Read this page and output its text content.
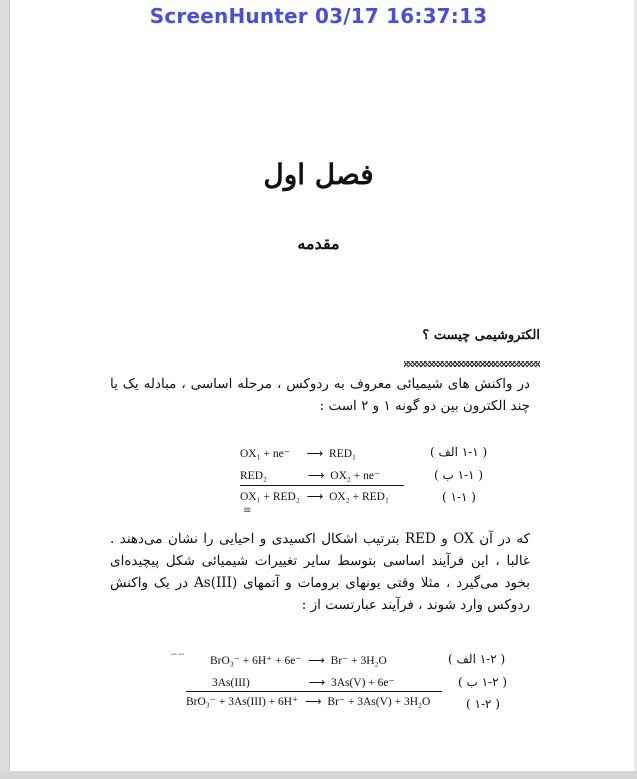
ScreenHunter 03/17 16:37:13
فصل اول
مقدمه
الکتروشیمی چیست ؟
در واکنش های شیمیائی معروف به ردوکس ، مرحله اساسی ، مبادله یک یا چند الکترون بین دو گونه ۱ و ۲ است :
OX₁ + ne⁻ ⟶ RED₁	( ۱-۱ الف )
RED₂	⟶ OX₂ + ne⁻	( ۱-۱ ب )
OX₁ + RED₂ ⟶ OX₂ + RED₁	( ۱-۱ )
≡
که در آن OX و RED بترتیب اشکال اکسیدی و احیایی را نشان می‌دهند . غالبا ، این فرآیند اساسی بتوسط سایر تغییرات شیمیائی شکل پیچیده‌ای بخود می‌گیرد ، مثلا وقتی یونهای برومات و آتمهای As(III) در یک واکنش ردوکس وارد شوند ، فرآیند عبارتست از :
∽∽ BrO₃⁻ + 6H⁺ + 6e⁻ ⟶ Br⁻ + 3H₂O	( ۱-۲ الف )
3As(III)	⟶ 3As(V) + 6e⁻	( ۱-۲ ب )
BrO₃⁻ + 3As(III) + 6H⁺ ⟶ Br⁻ + 3As(V) + 3H₂O	( ۱-۲ )
